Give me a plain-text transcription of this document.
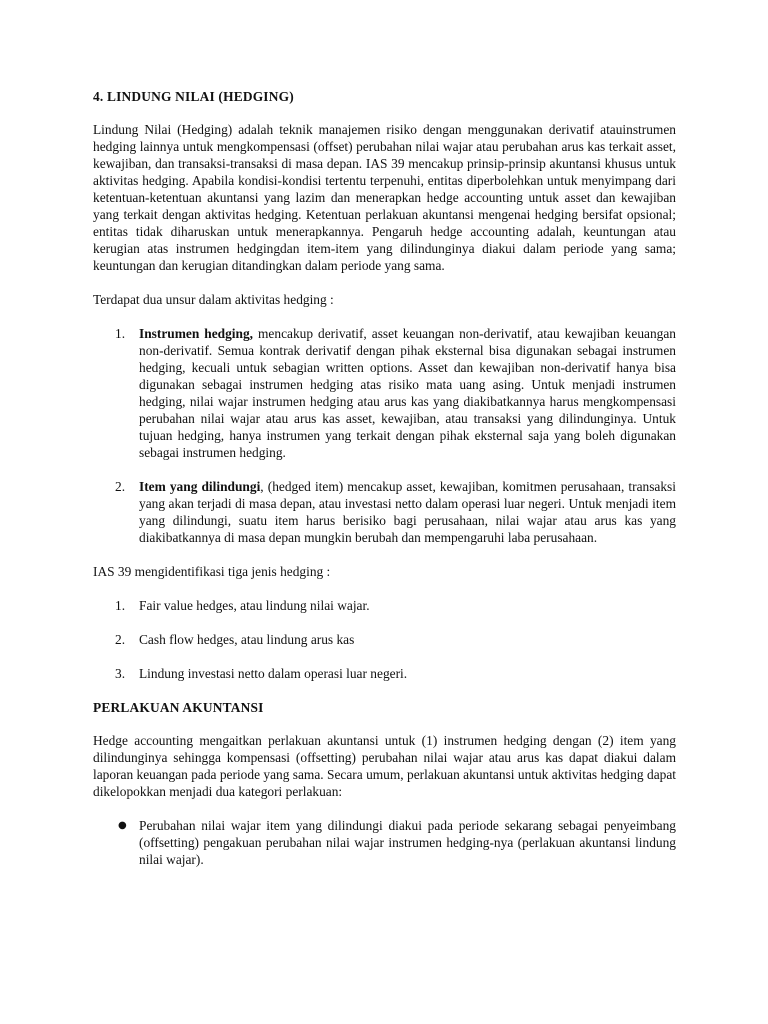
4. LINDUNG NILAI (HEDGING)

Lindung Nilai (Hedging) adalah teknik manajemen risiko dengan menggunakan derivatif atauinstrumen hedging lainnya untuk mengkompensasi (offset) perubahan nilai wajar atau perubahan arus kas terkait asset, kewajiban, dan transaksi-transaksi di masa depan. IAS 39 mencakup prinsip-prinsip akuntansi khusus untuk aktivitas hedging. Apabila kondisi-kondisi tertentu terpenuhi, entitas diperbolehkan untuk menyimpang dari ketentuan-ketentuan akuntansi yang lazim dan menerapkan hedge accounting untuk asset dan kewajiban yang terkait dengan aktivitas hedging. Ketentuan perlakuan akuntansi mengenai hedging bersifat opsional; entitas tidak diharuskan untuk menerapkannya. Pengaruh hedge accounting adalah, keuntungan atau kerugian atas instrumen hedgingdan item-item yang dilindunginya diakui dalam periode yang sama; keuntungan dan kerugian ditandingkan dalam periode yang sama.

Terdapat dua unsur dalam aktivitas hedging :

1. Instrumen hedging, mencakup derivatif, asset keuangan non-derivatif, atau kewajiban keuangan non-derivatif. Semua kontrak derivatif dengan pihak eksternal bisa digunakan sebagai instrumen hedging, kecuali untuk sebagian written options. Asset dan kewajiban non-derivatif hanya bisa digunakan sebagai instrumen hedging atas risiko mata uang asing. Untuk menjadi instrumen hedging, nilai wajar instrumen hedging atau arus kas yang diakibatkannya harus mengkompensasi perubahan nilai wajar atau arus kas asset, kewajiban, atau transaksi yang dilindunginya. Untuk tujuan hedging, hanya instrumen yang terkait dengan pihak eksternal saja yang boleh digunakan sebagai instrumen hedging.
2. Item yang dilindungi, (hedged item) mencakup asset, kewajiban, komitmen perusahaan, transaksi yang akan terjadi di masa depan, atau investasi netto dalam operasi luar negeri. Untuk menjadi item yang dilindungi, suatu item harus berisiko bagi perusahaan, nilai wajar atau arus kas yang diakibatkannya di masa depan mungkin berubah dan mempengaruhi laba perusahaan.

IAS 39 mengidentifikasi tiga jenis hedging :

1. Fair value hedges, atau lindung nilai wajar.
2. Cash flow hedges, atau lindung arus kas
3. Lindung investasi netto dalam operasi luar negeri.
PERLAKUAN AKUNTANSI

Hedge accounting mengaitkan perlakuan akuntansi untuk (1) instrumen hedging dengan (2) item yang dilindunginya sehingga kompensasi (offsetting) perubahan nilai wajar atau arus kas dapat diakui dalam laporan keuangan pada periode yang sama. Secara umum, perlakuan akuntansi untuk aktivitas hedging dapat dikelopokkan menjadi dua kategori perlakuan:

● Perubahan nilai wajar item yang dilindungi diakui pada periode sekarang sebagai penyeimbang (offsetting) pengakuan perubahan nilai wajar instrumen hedging-nya (perlakuan akuntansi lindung nilai wajar).
